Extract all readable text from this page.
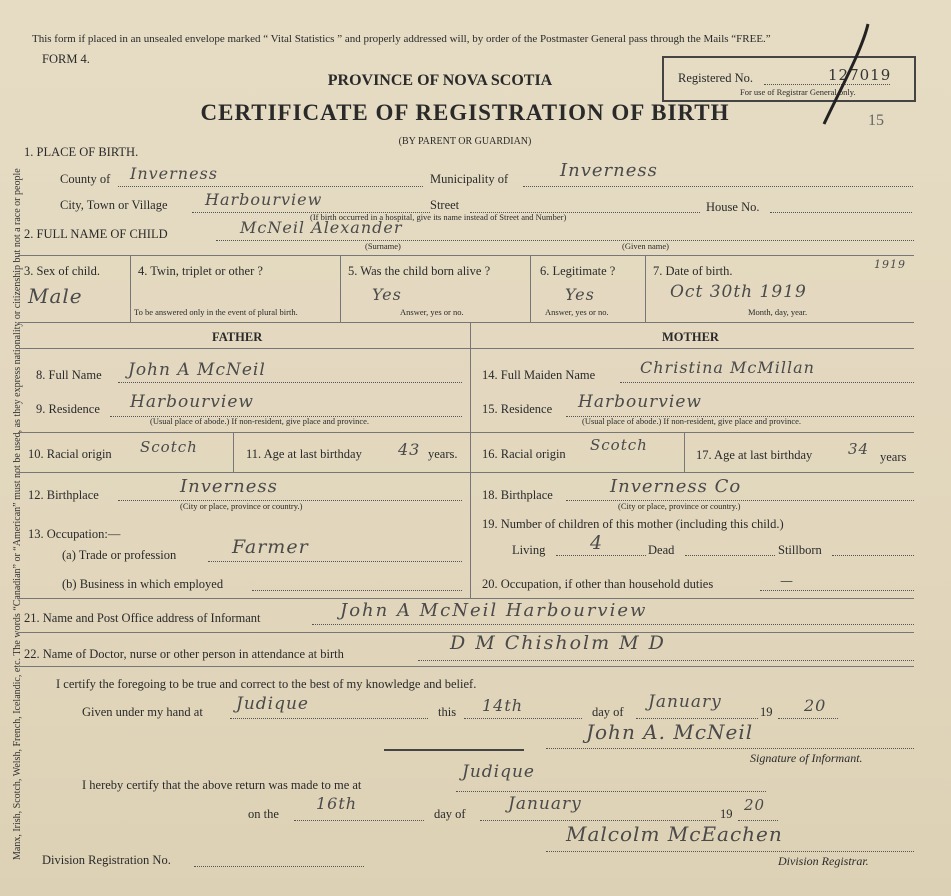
Manx, Irish, Scotch, Welsh, French, Icelandic, etc. The words “Canadian” or “American” must not be used, as they express nationality or citizenship but not a race or people
This form if placed in an unsealed envelope marked “ Vital Statistics ” and properly addressed will, by order of the Postmaster General pass through the Mails “FREE.”
FORM 4.
PROVINCE OF NOVA SCOTIA
CERTIFICATE OF REGISTRATION OF BIRTH
(BY PARENT OR GUARDIAN)
Registered No.	127019
For use of Registrar General only.
15
1. PLACE OF BIRTH.
County of Inverness	Municipality of	Inverness
City, Town or Village Harbourview	Street	House No.
(If birth occurred in a hospital, give its name instead of Street and Number)
2. FULL NAME OF CHILD	McNeil Alexander
(Surname)	(Given name)
3. Sex of child.
Male
4. Twin, triplet or other ?
To be answered only in the event of plural birth.
5. Was the child born alive ?
Yes
Answer, yes or no.
6. Legitimate ?
Yes
Answer, yes or no.
7. Date of birth.
Oct 30th 1919
1919
Month, day, year.
FATHER	MOTHER
8. Full Name John A McNeil
9. Residence Harbourview
(Usual place of abode.) If non-resident, give place and province.
10. Racial origin Scotch	11. Age at last birthday 43 years.
12. Birthplace	Inverness
(City or place, province or country.)
13. Occupation:—
(a) Trade or profession	Farmer
(b) Business in which employed
14. Full Maiden Name	Christina McMillan
15. Residence Harbourview
(Usual place of abode.) If non-resident, give place and province.
16. Racial origin Scotch
17. Age at last birthday 34 years
18. Birthplace	Inverness Co
(City or place, province or country.)
19. Number of children of this mother (including this child.)
Living 4	Dead	Stillborn
20. Occupation, if other than household duties	—
21. Name and Post Office address of Informant	John A McNeil Harbourview
22. Name of Doctor, nurse or other person in attendance at birth	D M Chisholm M D
I certify the foregoing to be true and correct to the best of my knowledge and belief.
Given under my hand at Judique	this 14th	day of January	19 20
John A. McNeil
Signature of Informant.
I hereby certify that the above return was made to me at
Judique
on the
16th
day of January	19 20
Division Registration No.
Malcolm McEachen
Division Registrar.
